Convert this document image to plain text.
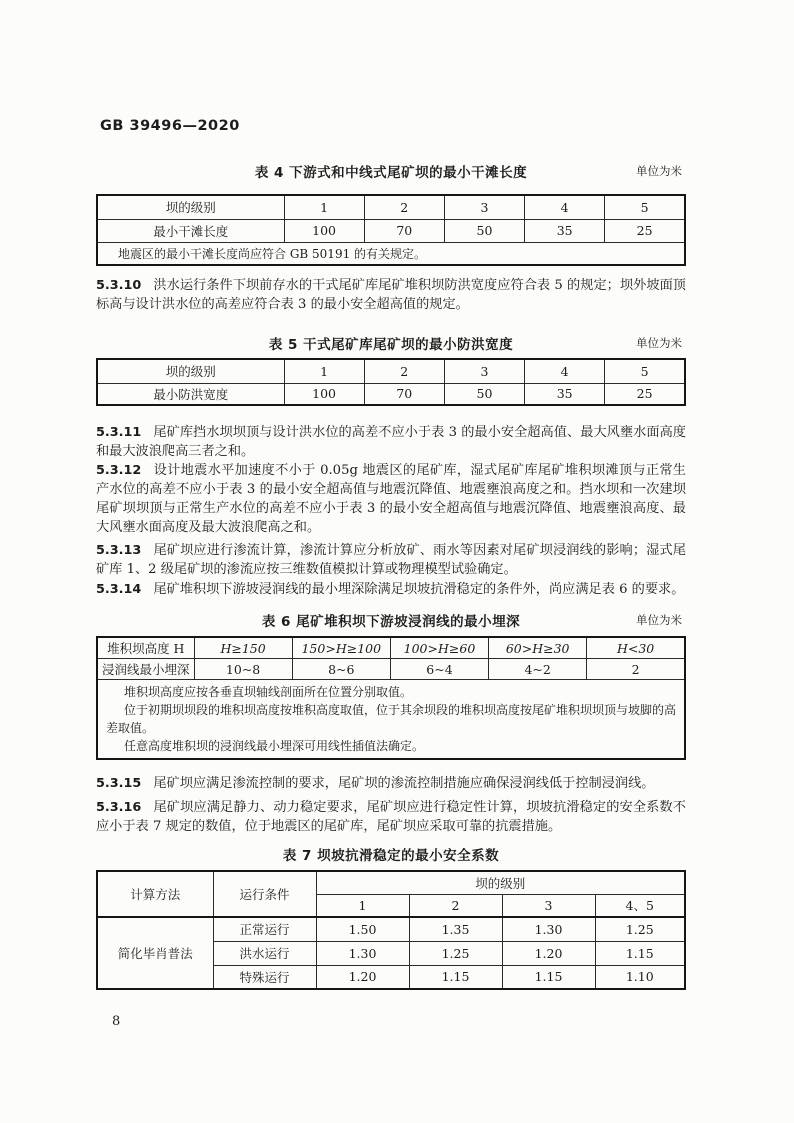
GB 39496—2020
表 4 下游式和中线式尾矿坝的最小干滩长度	单位为米
坝的级别	1	2	3	4	5
最小干滩长度	100	70	50	35	25
地震区的最小干滩长度尚应符合 GB 50191 的有关规定。					

5.3.10 洪水运行条件下坝前存水的干式尾矿库尾矿堆积坝防洪宽度应符合表 5 的规定；坝外坡面顶标高与设计洪水位的高差应符合表 3 的最小安全超高值的规定。

表 5 干式尾矿库尾矿坝的最小防洪宽度	单位为米
坝的级别	1	2	3	4	5
最小防洪宽度	100	70	50	35	25

5.3.11 尾矿库挡水坝坝顶与设计洪水位的高差不应小于表 3 的最小安全超高值、最大风壅水面高度和最大波浪爬高三者之和。

5.3.12 设计地震水平加速度不小于 0.05g 地震区的尾矿库，湿式尾矿库尾矿堆积坝滩顶与正常生产水位的高差不应小于表 3 的最小安全超高值与地震沉降值、地震壅浪高度之和。挡水坝和一次建坝尾矿坝坝顶与正常生产水位的高差不应小于表 3 的最小安全超高值与地震沉降值、地震壅浪高度、最大风壅水面高度及最大波浪爬高之和。

5.3.13 尾矿坝应进行渗流计算，渗流计算应分析放矿、雨水等因素对尾矿坝浸润线的影响；湿式尾矿库 1、2 级尾矿坝的渗流应按三维数值模拟计算或物理模型试验确定。

5.3.14 尾矿堆积坝下游坡浸润线的最小埋深除满足坝坡抗滑稳定的条件外，尚应满足表 6 的要求。

表 6 尾矿堆积坝下游坡浸润线的最小埋深	单位为米
堆积坝高度 H	H≥150	150>H≥100	100>H≥60	60>H≥30	H<30
浸润线最小埋深	10~8	8~6	6~4	4~2	2

堆积坝高度应按各垂直坝轴线剖面所在位置分别取值。

位于初期坝坝段的堆积坝高度按堆积高度取值，位于其余坝段的堆积坝高度按尾矿堆积坝坝顶与坡脚的高差取值。

任意高度堆积坝的浸润线最小埋深可用线性插值法确定。					

5.3.15 尾矿坝应满足渗流控制的要求，尾矿坝的渗流控制措施应确保浸润线低于控制浸润线。

5.3.16 尾矿坝应满足静力、动力稳定要求，尾矿坝应进行稳定性计算，坝坡抗滑稳定的安全系数不应小于表 7 规定的数值，位于地震区的尾矿库，尾矿坝应采取可靠的抗震措施。

表 7 坝坡抗滑稳定的最小安全系数
计算方法	运行条件	坝的级别			
		1	2	3	4、5
简化毕肖普法	正常运行	1.50	1.35	1.30	1.25
	洪水运行	1.30	1.25	1.20	1.15
	特殊运行	1.20	1.15	1.15	1.10
8
